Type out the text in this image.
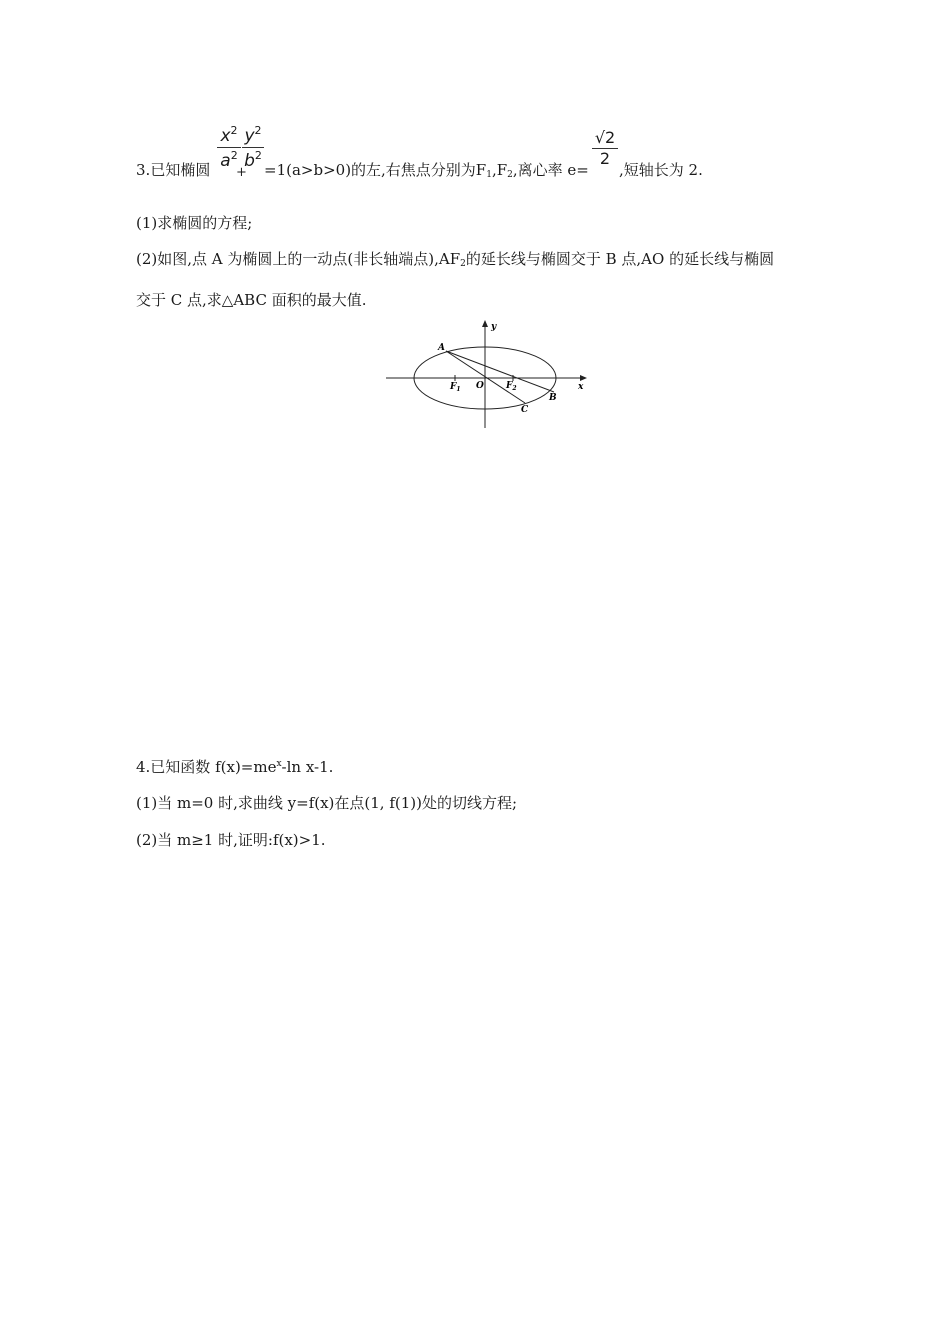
3.已知椭圆
$x^2$
$a^2$
+
$y^2$
$b^2$
=1(a>b>0)的左,右焦点分别为$F_1,F_2$,离心率 e=
√2
2
,短轴长为 2.
(1)求椭圆的方程;
(2)如图,点 A 为椭圆上的一动点(非长轴端点)$,AF_2$的延长线与椭圆交于 B 点,AO 的延长线与椭圆
交于 C 点,求△ABC 面积的最大值.
A
B
C
O
$F_1$	$F_2$	x
y
4.已知函数 $f(x)=me^x-\ln$ x-1.
(1)当 m=0 时,求曲线 y=f(x)在点(1, f(1))处的切线方程;
(2)当 m≥1 时,证明:f(x)>1.
